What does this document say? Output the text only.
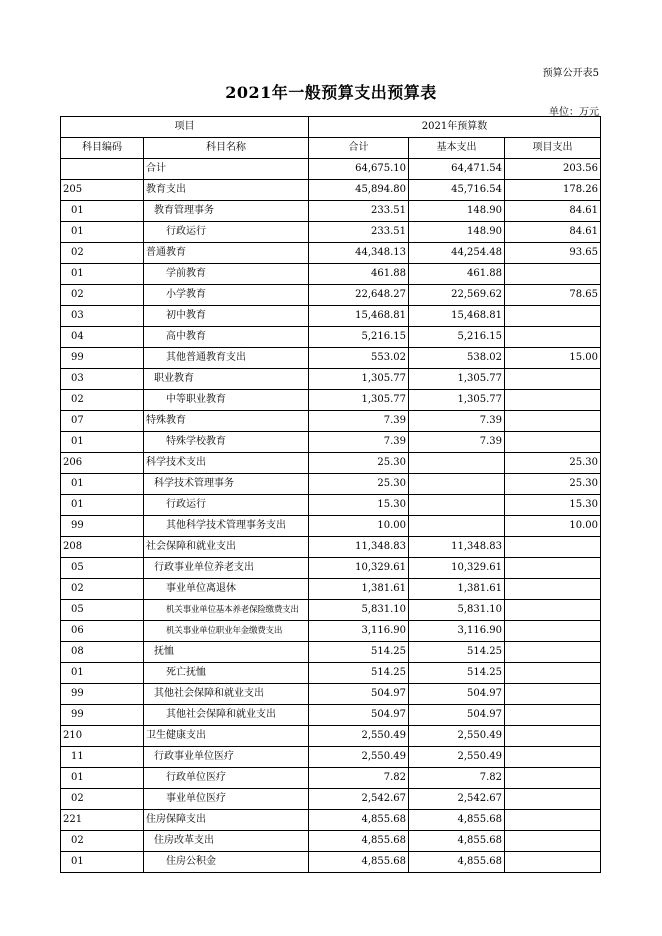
预算公开表5
2021年一般预算支出预算表
单位：万元
项目		2021年预算数		
科目编码	科目名称	合计	基本支出	项目支出
	合计	64,675.10	64,471.54	203.56
205	教育支出	45,894.80	45,716.54	178.26
01	教育管理事务	233.51	148.90	84.61
01	行政运行	233.51	148.90	84.61
02	普通教育	44,348.13	44,254.48	93.65
01	学前教育	461.88	461.88	
02	小学教育	22,648.27	22,569.62	78.65
03	初中教育	15,468.81	15,468.81	
04	高中教育	5,216.15	5,216.15	
99	其他普通教育支出	553.02	538.02	15.00
03	职业教育	1,305.77	1,305.77	
02	中等职业教育	1,305.77	1,305.77	
07	特殊教育	7.39	7.39	
01	特殊学校教育	7.39	7.39	
206	科学技术支出	25.30		25.30
01	科学技术管理事务	25.30		25.30
01	行政运行	15.30		15.30
99	其他科学技术管理事务支出	10.00		10.00
208	社会保障和就业支出	11,348.83	11,348.83	
05	行政事业单位养老支出	10,329.61	10,329.61	
02	事业单位离退休	1,381.61	1,381.61	
05	机关事业单位基本养老保险缴费支出	5,831.10	5,831.10	
06	机关事业单位职业年金缴费支出	3,116.90	3,116.90	
08	抚恤	514.25	514.25	
01	死亡抚恤	514.25	514.25	
99	其他社会保障和就业支出	504.97	504.97	
99	其他社会保障和就业支出	504.97	504.97	
210	卫生健康支出	2,550.49	2,550.49	
11	行政事业单位医疗	2,550.49	2,550.49	
01	行政单位医疗	7.82	7.82	
02	事业单位医疗	2,542.67	2,542.67	
221	住房保障支出	4,855.68	4,855.68	
02	住房改革支出	4,855.68	4,855.68	
01	住房公积金	4,855.68	4,855.68	
